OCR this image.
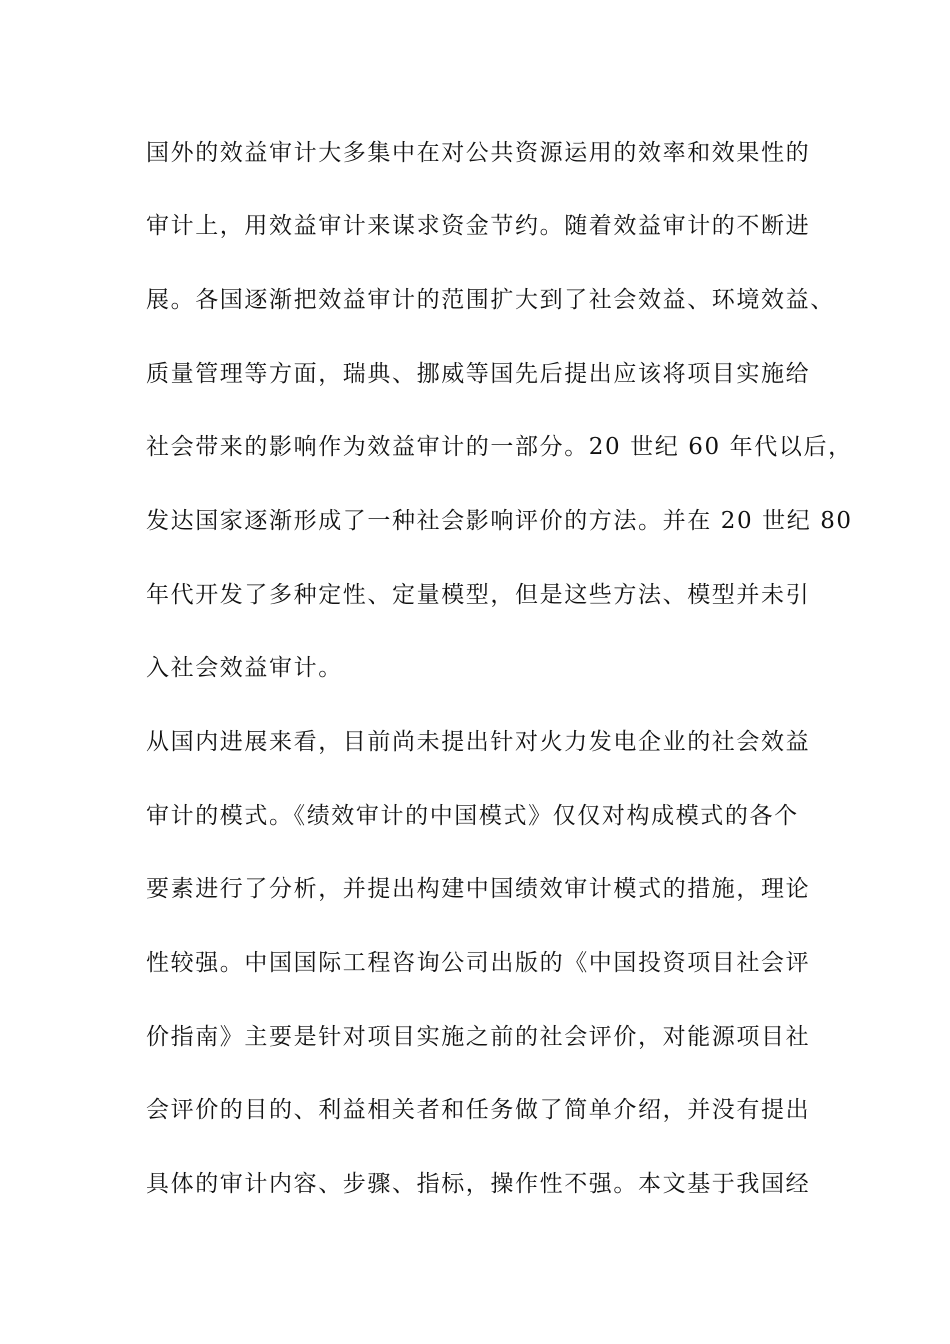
国外的效益审计大多集中在对公共资源运用的效率和效果性的
审计上，用效益审计来谋求资金节约。随着效益审计的不断进
展。各国逐渐把效益审计的范围扩大到了社会效益、环境效益、
质量管理等方面，瑞典、挪威等国先后提出应该将项目实施给
社会带来的影响作为效益审计的一部分。20 世纪 60 年代以后，
发达国家逐渐形成了一种社会影响评价的方法。并在 20 世纪 80
年代开发了多种定性、定量模型，但是这些方法、模型并未引
入社会效益审计。
从国内进展来看，目前尚未提出针对火力发电企业的社会效益
审计的模式。《绩效审计的中国模式》仅仅对构成模式的各个
要素进行了分析，并提出构建中国绩效审计模式的措施，理论
性较强。中国国际工程咨询公司出版的《中国投资项目社会评
价指南》主要是针对项目实施之前的社会评价，对能源项目社
会评价的目的、利益相关者和任务做了简单介绍，并没有提出
具体的审计内容、步骤、指标，操作性不强。本文基于我国经
